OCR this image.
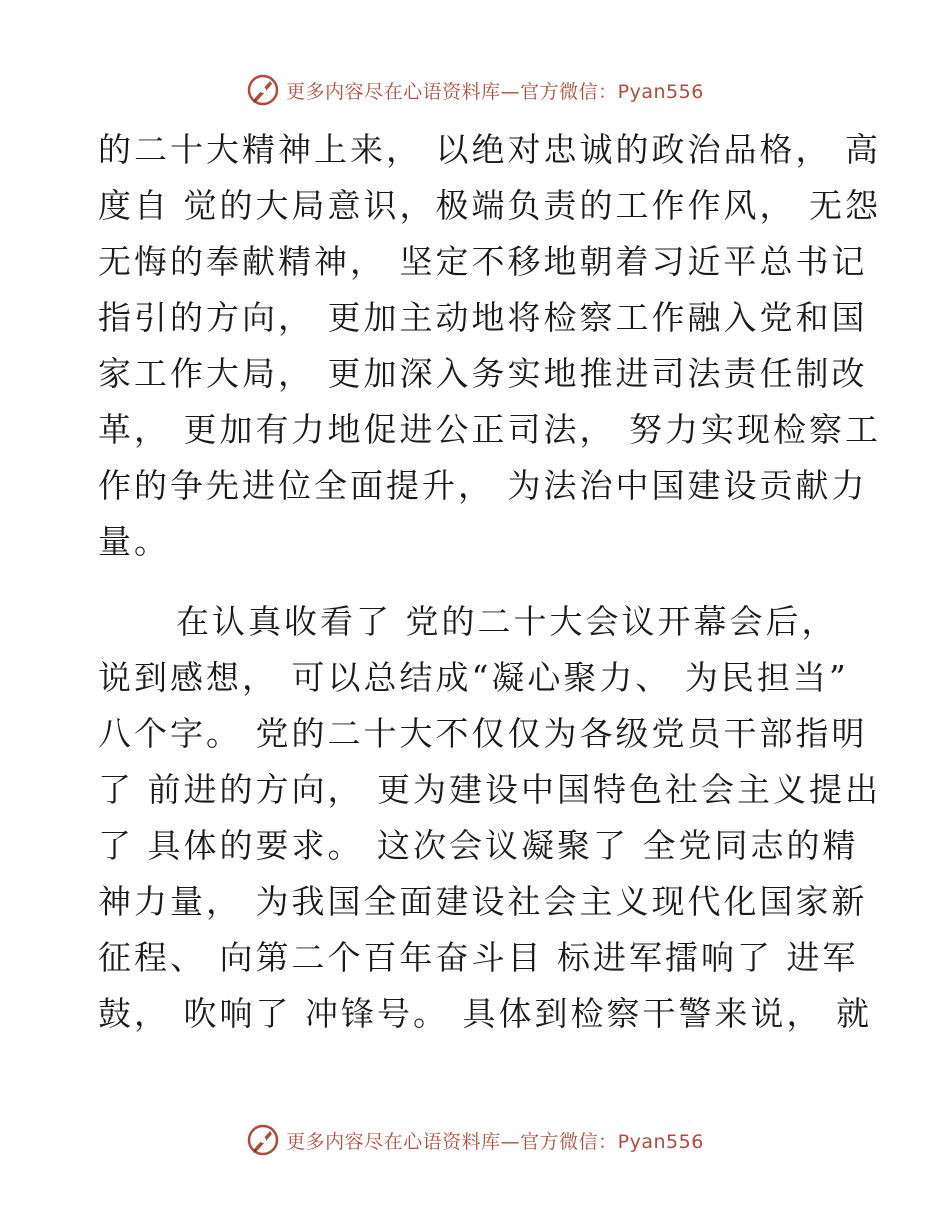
更多内容尽在心语资料库—官方微信：Pyan556
的二十大精神上来， 以绝对忠诚的政治品格， 高
度自 觉的大局意识，极端负责的工作作风， 无怨
无悔的奉献精神， 坚定不移地朝着习近平总书记
指引的方向， 更加主动地将检察工作融入党和国
家工作大局， 更加深入务实地推进司法责任制改
革， 更加有力地促进公正司法， 努力实现检察工
作的争先进位全面提升， 为法治中国建设贡献力
量。
在认真收看了 党的二十大会议开幕会后，
说到感想， 可以总结成“凝心聚力、 为民担当”
八个字。 党的二十大不仅仅为各级党员干部指明
了 前进的方向， 更为建设中国特色社会主义提出
了 具体的要求。 这次会议凝聚了 全党同志的精
神力量， 为我国全面建设社会主义现代化国家新
征程、 向第二个百年奋斗目 标进军擂响了 进军
鼓， 吹响了 冲锋号。 具体到检察干警来说， 就
更多内容尽在心语资料库—官方微信：Pyan556
